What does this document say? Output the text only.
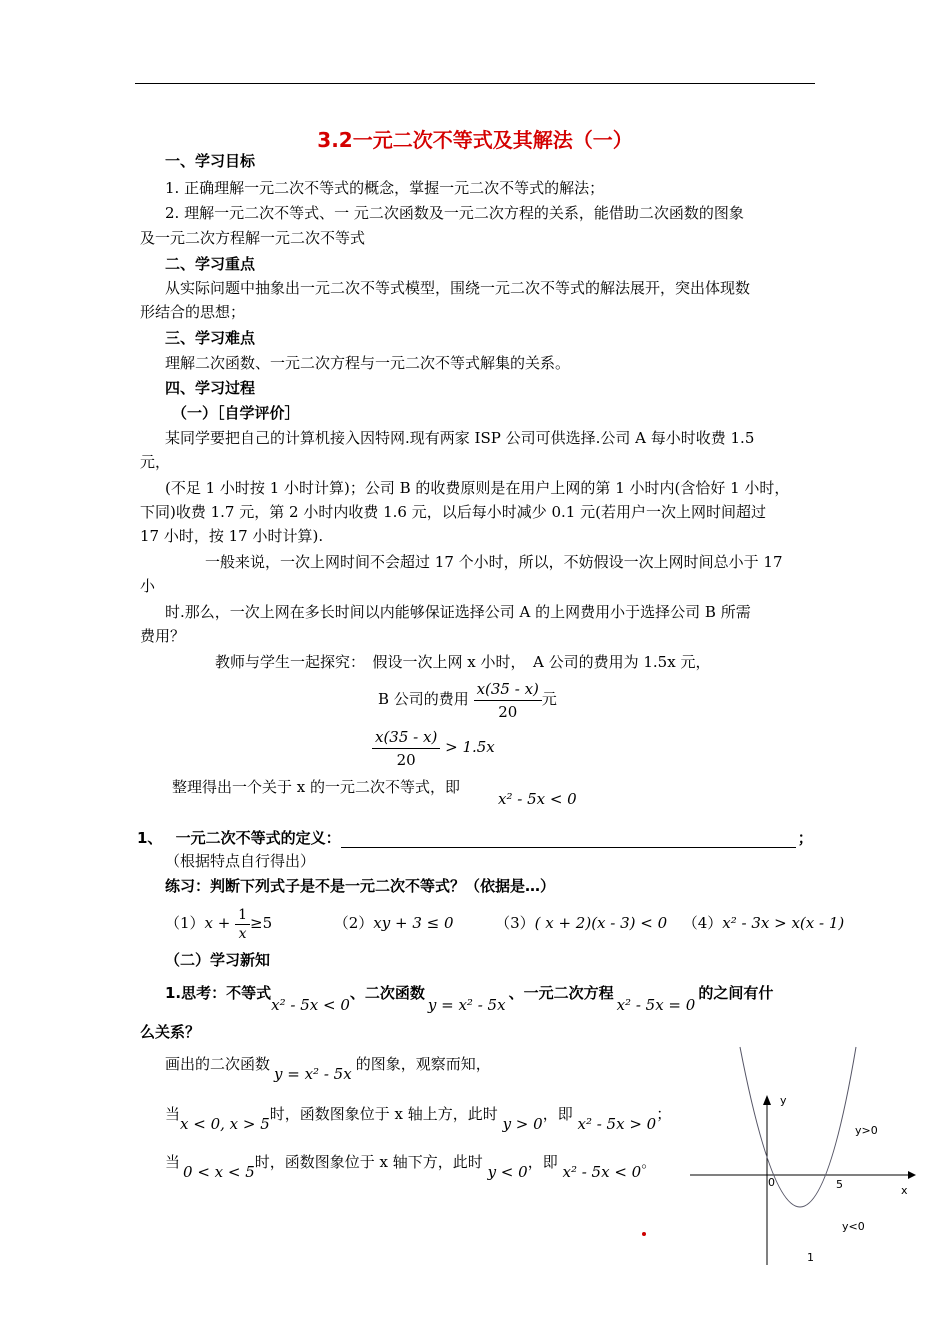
3.2一元二次不等式及其解法（一）
一、学习目标
1. 正确理解一元二次不等式的概念，掌握一元二次不等式的解法；
2. 理解一元二次不等式、一 元二次函数及一元二次方程的关系，能借助二次函数的图象
及一元二次方程解一元二次不等式
二、学习重点
从实际问题中抽象出一元二次不等式模型，围绕一元二次不等式的解法展开，突出体现数
形结合的思想；
三、学习难点
理解二次函数、一元二次方程与一元二次不等式解集的关系。
四、学习过程
（一）［自学评价］
某同学要把自己的计算机接入因特网.现有两家 ISP 公司可供选择.公司 A 每小时收费 1.5
元，
(不足 1 小时按 1 小时计算)；公司 B 的收费原则是在用户上网的第 1 小时内(含恰好 1 小时，
下同)收费 1.7 元，第 2 小时内收费 1.6 元，以后每小时减少 0.1 元(若用户一次上网时间超过
17 小时，按 17 小时计算).
一般来说，一次上网时间不会超过 17 个小时，所以，不妨假设一次上网时间总小于 17
小
时.那么，一次上网在多长时间以内能够保证选择公司 A 的上网费用小于选择公司 B 所需
费用？
教师与学生一起探究：　假设一次上网 x 小时，　A 公司的费用为 1.5x 元，
B 公司的费用 $\frac{x(35 - x)}{20}$ 元
$\frac{x(35 - x)}{20} > 1.5x$
整理得出一个关于 x 的一元二次不等式，即
x² - 5x < 0
1、 一元二次不等式的定义：	；
（根据特点自行得出）
练习：判断下列式子是不是一元二次不等式？（依据是…）
$(1)x + \frac{1}{x} \ge 5$	（2）xy + 3 ≤ 0	（3）( x + 2)(x - 3) < 0 （4）x² - 3x > x(x - 1)
（二）学习新知
1.思考：不等式x² - 5x < 0、二次函数y = x² - 5x、一元二次方程x² - 5x = 0的之间有什
么关系？
画出的二次函数y = x² - 5x的图象，观察而知，
当x < 0, x > 5时，函数图象位于 x 轴上方，此时 y > 0，即 x² - 5x > 0；
当0 < x < 5时，函数图象位于 x 轴下方，此时 y < 0，即 x² - 5x < 0。
y
x
0	5
y>0
y<0
1
